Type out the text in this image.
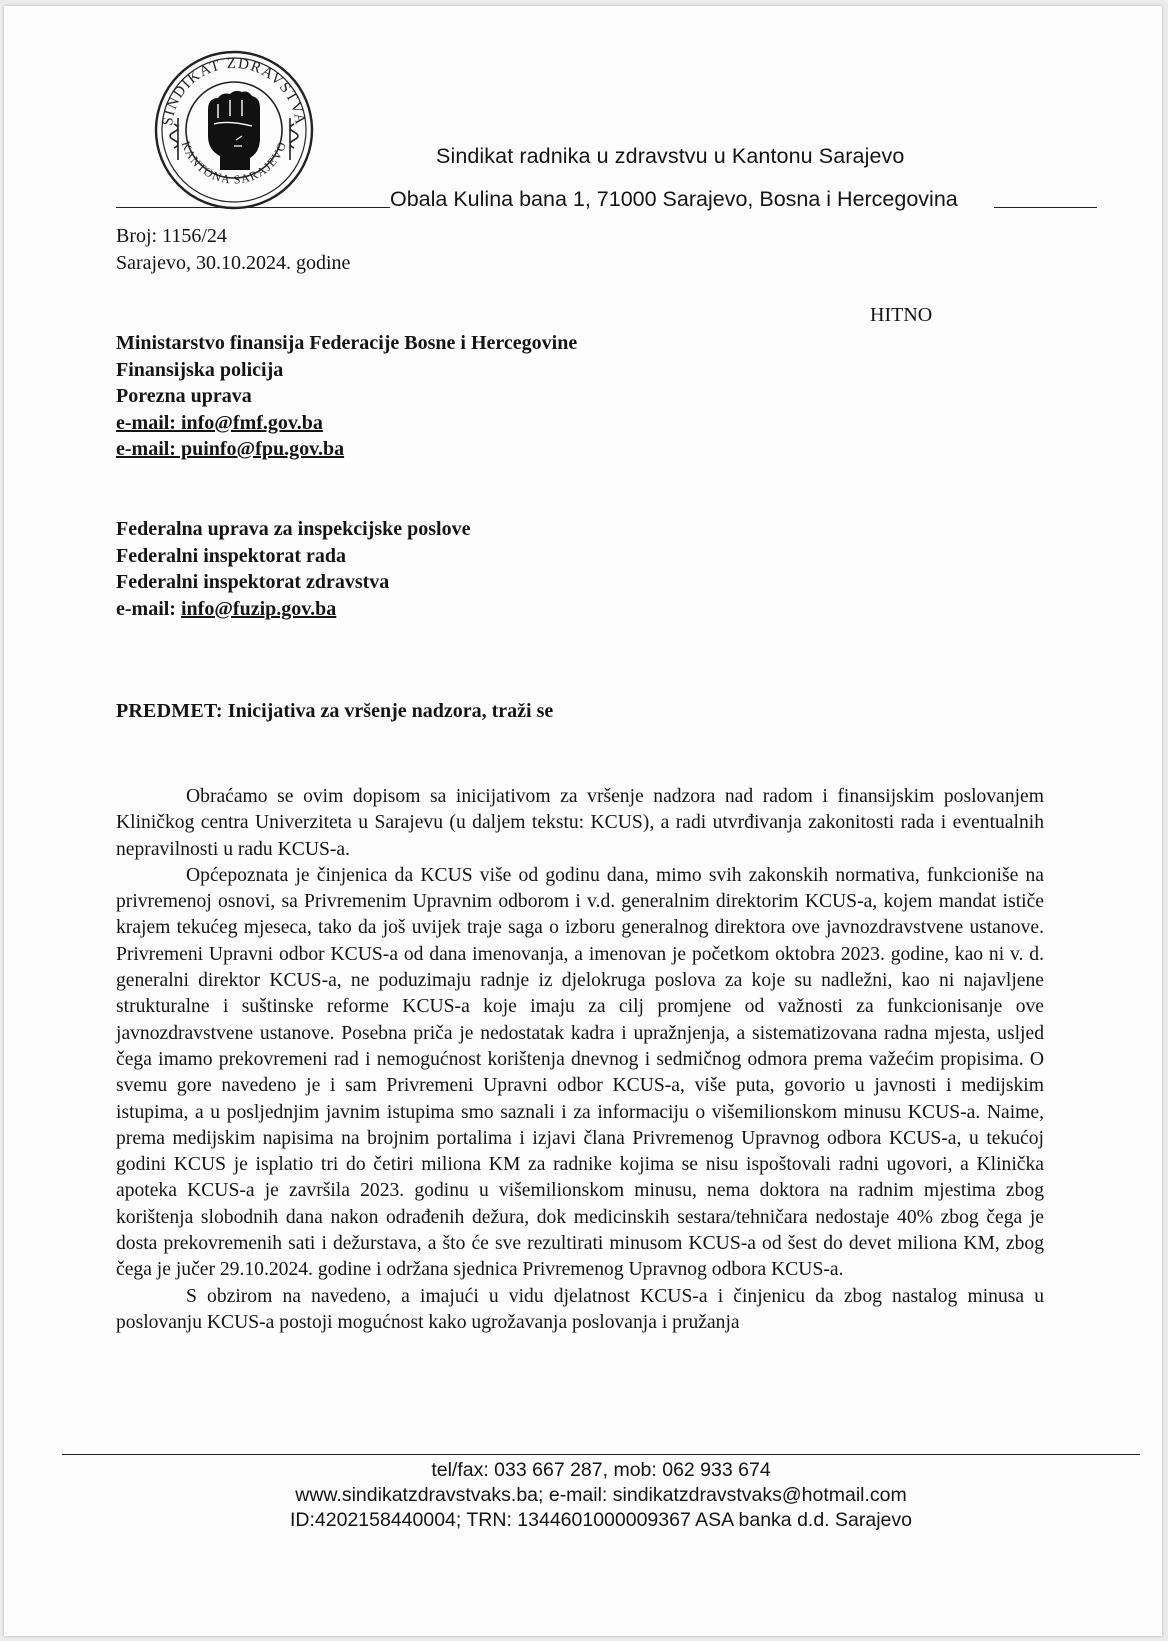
SINDIKAT ZDRAVSTVA
KANTONA SARAJEVO	Sindikat radnika u zdravstvu u Kantonu Sarajevo
Obala Kulina bana 1, 71000 Sarajevo, Bosna i Hercegovina
Broj: 1156/24
Sarajevo, 30.10.2024. godine
HITNO
Ministarstvo finansija Federacije Bosne i Hercegovine
Finansijska policija
Porezna uprava
e-mail: info@fmf.gov.ba
e-mail: puinfo@fpu.gov.ba
Federalna uprava za inspekcijske poslove
Federalni inspektorat rada
Federalni inspektorat zdravstva
e-mail: info@fuzip.gov.ba
PREDMET: Inicijativa za vršenje nadzora, traži se

Obraćamo se ovim dopisom sa inicijativom za vršenje nadzora nad radom i finansijskim poslovanjem Kliničkog centra Univerziteta u Sarajevu (u daljem tekstu: KCUS), a radi utvrđivanja zakonitosti rada i eventualnih nepravilnosti u radu KCUS-a.

Općepoznata je činjenica da KCUS više od godinu dana, mimo svih zakonskih normativa, funkcioniše na privremenoj osnovi, sa Privremenim Upravnim odborom i v.d. generalnim direktorim KCUS-a, kojem mandat ističe krajem tekućeg mjeseca, tako da još uvijek traje saga o izboru generalnog direktora ove javnozdravstvene ustanove. Privremeni Upravni odbor KCUS-a od dana imenovanja, a imenovan je početkom oktobra 2023. godine, kao ni v. d. generalni direktor KCUS-a, ne poduzimaju radnje iz djelokruga poslova za koje su nadležni, kao ni najavljene strukturalne i suštinske reforme KCUS-a koje imaju za cilj promjene od važnosti za funkcionisanje ove javnozdravstvene ustanove. Posebna priča je nedostatak kadra i upražnjenja, a sistematizovana radna mjesta, usljed čega imamo prekovremeni rad i nemogućnost korištenja dnevnog i sedmičnog odmora prema važećim propisima. O svemu gore navedeno je i sam Privremeni Upravni odbor KCUS-a, više puta, govorio u javnosti i medijskim istupima, a u posljednjim javnim istupima smo saznali i za informaciju o višemilionskom minusu KCUS-a. Naime, prema medijskim napisima na brojnim portalima i izjavi člana Privremenog Upravnog odbora KCUS-a, u tekućoj godini KCUS je isplatio tri do četiri miliona KM za radnike kojima se nisu ispoštovali radni ugovori, a Klinička apoteka KCUS-a je završila 2023. godinu u višemilionskom minusu, nema doktora na radnim mjestima zbog korištenja slobodnih dana nakon odrađenih dežura, dok medicinskih sestara/tehničara nedostaje 40% zbog čega je dosta prekovremenih sati i dežurstava, a što će sve rezultirati minusom KCUS-a od šest do devet miliona KM, zbog čega je jučer 29.10.2024. godine i održana sjednica Privremenog Upravnog odbora KCUS-a.

S obzirom na navedeno, a imajući u vidu djelatnost KCUS-a i činjenicu da zbog nastalog minusa u poslovanju KCUS-a postoji mogućnost kako ugrožavanja poslovanja i pružanja

tel/fax: 033 667 287, mob: 062 933 674
www.sindikatzdravstvaks.ba; e-mail: sindikatzdravstvaks@hotmail.com
ID:4202158440004; TRN: 1344601000009367 ASA banka d.d. Sarajevo
